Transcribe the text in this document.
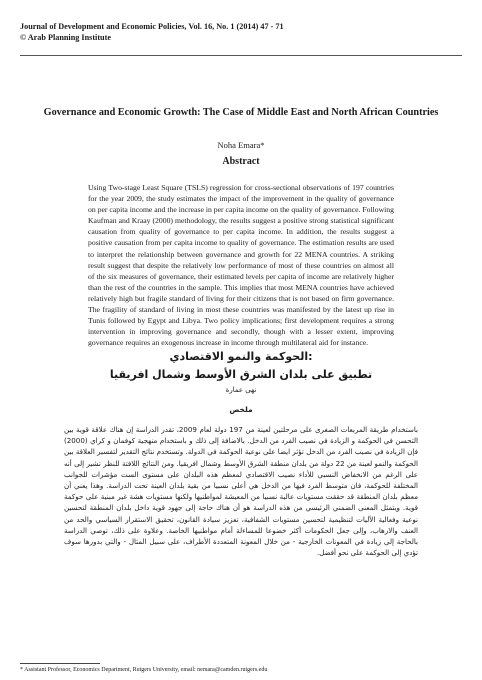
Journal of Development and Economic Policies, Vol. 16, No. 1 (2014) 47 - 71
© Arab Planning Institute
Governance and Economic Growth: The Case of Middle East and North African Countries
Noha Emara*
Abstract

Using Two-stage Least Square (TSLS) regression for cross-sectional observations of 197 countries for the year 2009, the study estimates the impact of the improvement in the quality of governance on per capita income and the increase in per capita income on the quality of governance. Following Kaufman and Kraay (2000) methodology, the results suggest a positive strong statistical significant causation from quality of governance to per capita income. In addition, the results suggest a positive causation from per capita income to quality of governance. The estimation results are used to interpret the relationship between governance and growth for 22 MENA countries. A striking result suggest that despite the relatively low performance of most of these countries on almost all of the six measures of governance, their estimated levels per capita of income are relatively higher than the rest of the countries in the sample. This implies that most MENA countries have achieved relatively high but fragile standard of living for their citizens that is not based on firm governance. The fragility of standard of living in most these countries was manifested by the latest up rise in Tunis followed by Egypt and Libya. Two policy implications; first development requires a strong intervention in improving governance and secondly, though with a lesser extent, improving governance requires an exogenous increase in income through multilateral aid for instance.

الحوكمة والنمو الاقتصادي:
تطبيق على بلدان الشرق الأوسط وشمال افريقيا
نهى عمارة
ملخص

باستخدام طريقة المربعات الصغرى على مرحلتين لعينة من 197 دولة لعام 2009، تقدر الدراسة إن هناك علاقة قوية بين التحسن في الحوكمة و الزيادة في نصيب الفرد من الدخل. بالاضافة إلى ذلك و باستخدام منهجية كوفمان و كراي (2000) فإن الزيادة في نصيب الفرد من الدخل تؤثر ايضا على نوعية الحوكمة في الدولة. وتستخدم نتائج التقدير لتفسير العلاقة بين الحوكمة والنمو لعينة من 22 دولة من بلدان منطقة الشرق الأوسط وشمال افريقيا. ومن النتائج اللافتة للنظر تشير إلى أنه على الرغم من الانخفاض النسبي للأداء نصيب الاقتصادي لمعظم هذه البلدان على مستوى الست مؤشرات للجوانب المختلفة للحوكمة، فان متوسط الفرد فيها من الدخل هي أعلى نسبيا من بقية بلدان العينة تحت الدراسة. وهذا يعني أن معظم بلدان المنطقة قد حققت مستويات عالية نسبيا من المعيشة لمواطنيها ولكنها مستويات هشة غير مبنية على حوكمة قوية. ويتمثل المعنى الضمني الرئيسي من هذه الدراسة هو أن هناك حاجة إلى جهود قوية داخل بلدان المنطقة لتحسين نوعية وفعالية الآليات لتنظيمية لتحسين مستويات الشفافية، تعزيز سيادة القانون، تحقيق الاستقرار السياسي والحد من العنف والارهاب، وإلى جعل الحكومات أكثر خضوعا للمساءلة أمام مواطنيها الخاصة. وعلاوة على ذلك، توصي الدراسة بالحاجة إلى زيادة في المعونات الخارجية - من خلال المعونة المتعددة الأطراف، على سبيل المثال - والتي بدورها سوف تؤدي إلى الحوكمة على نحو أفضل.

* Assistant Professor, Economics Department, Rutgers University, email: nemara@camden.rutgers.edu
